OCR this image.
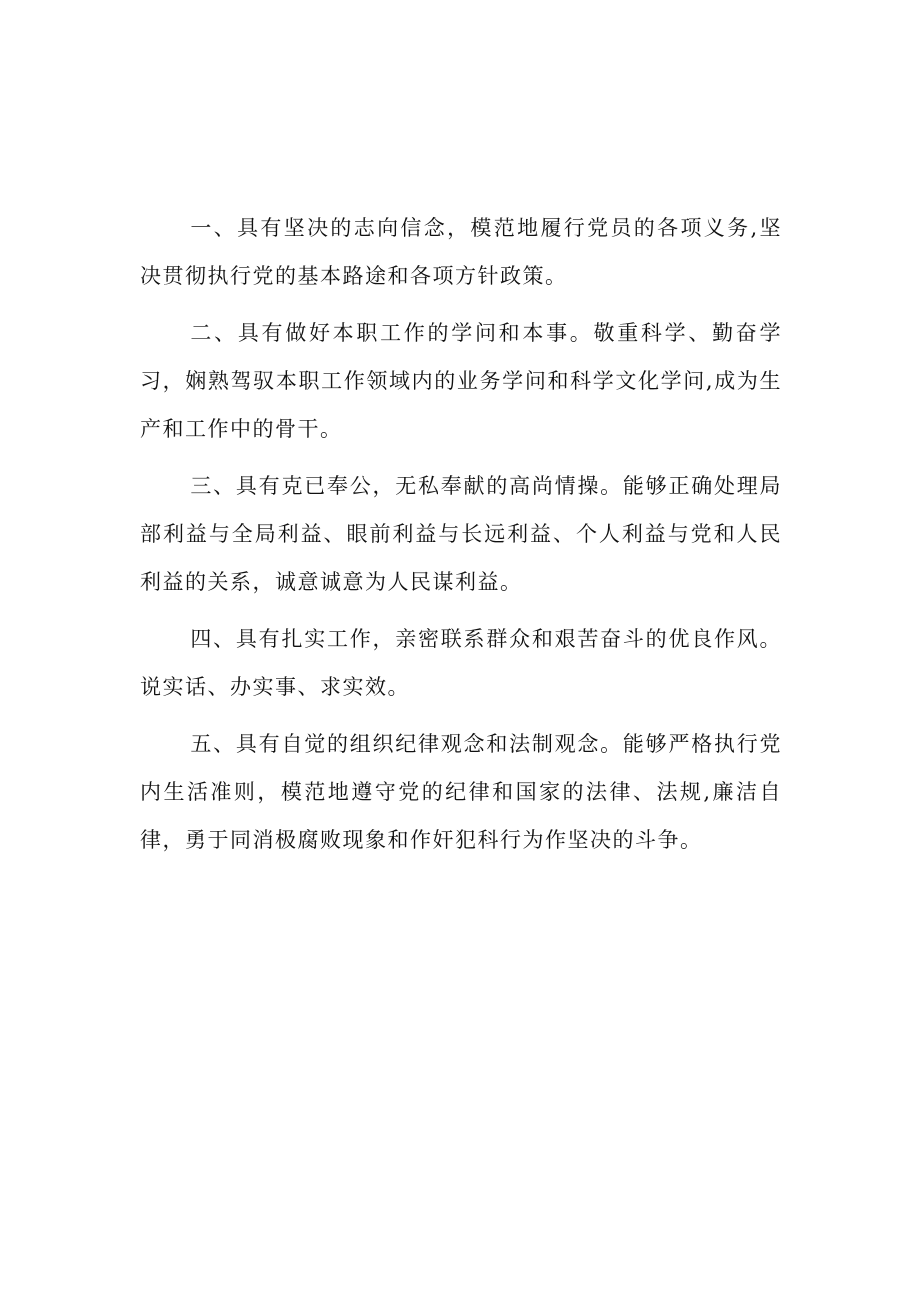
一、具有坚决的志向信念，模范地履行党员的各项义务,坚决贯彻执行党的基本路途和各项方针政策。

二、具有做好本职工作的学问和本事。敬重科学、勤奋学习，娴熟驾驭本职工作领域内的业务学问和科学文化学问,成为生产和工作中的骨干。

三、具有克已奉公，无私奉献的高尚情操。能够正确处理局部利益与全局利益、眼前利益与长远利益、个人利益与党和人民利益的关系，诚意诚意为人民谋利益。

四、具有扎实工作，亲密联系群众和艰苦奋斗的优良作风。说实话、办实事、求实效。

五、具有自觉的组织纪律观念和法制观念。能够严格执行党内生活准则，模范地遵守党的纪律和国家的法律、法规,廉洁自律，勇于同消极腐败现象和作奸犯科行为作坚决的斗争。
